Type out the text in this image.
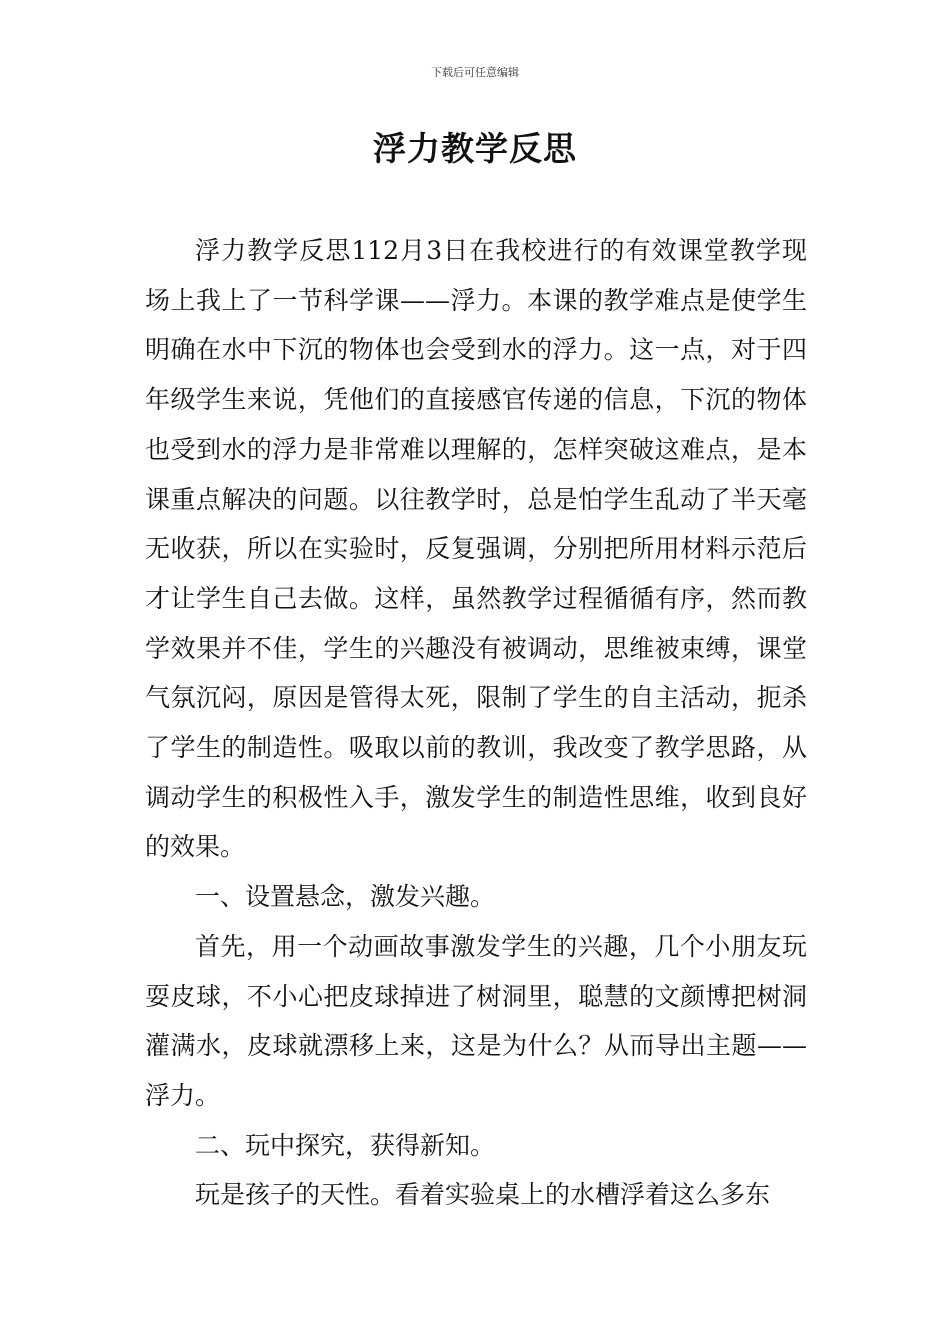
下载后可任意编辑
浮力教学反思

浮力教学反思112月3日在我校进行的有效课堂教学现场上我上了一节科学课——浮力。本课的教学难点是使学生明确在水中下沉的物体也会受到水的浮力。这一点，对于四年级学生来说，凭他们的直接感官传递的信息，下沉的物体也受到水的浮力是非常难以理解的，怎样突破这难点，是本课重点解决的问题。以往教学时，总是怕学生乱动了半天毫无收获，所以在实验时，反复强调，分别把所用材料示范后才让学生自己去做。这样，虽然教学过程循循有序，然而教学效果并不佳，学生的兴趣没有被调动，思维被束缚，课堂气氛沉闷，原因是管得太死，限制了学生的自主活动，扼杀了学生的制造性。吸取以前的教训，我改变了教学思路，从调动学生的积极性入手，激发学生的制造性思维，收到良好的效果。

一、设置悬念，激发兴趣。

首先，用一个动画故事激发学生的兴趣，几个小朋友玩耍皮球，不小心把皮球掉进了树洞里，聪慧的文颜博把树洞灌满水，皮球就漂移上来，这是为什么？从而导出主题——浮力。

二、玩中探究，获得新知。

玩是孩子的天性。看着实验桌上的水槽浮着这么多东
